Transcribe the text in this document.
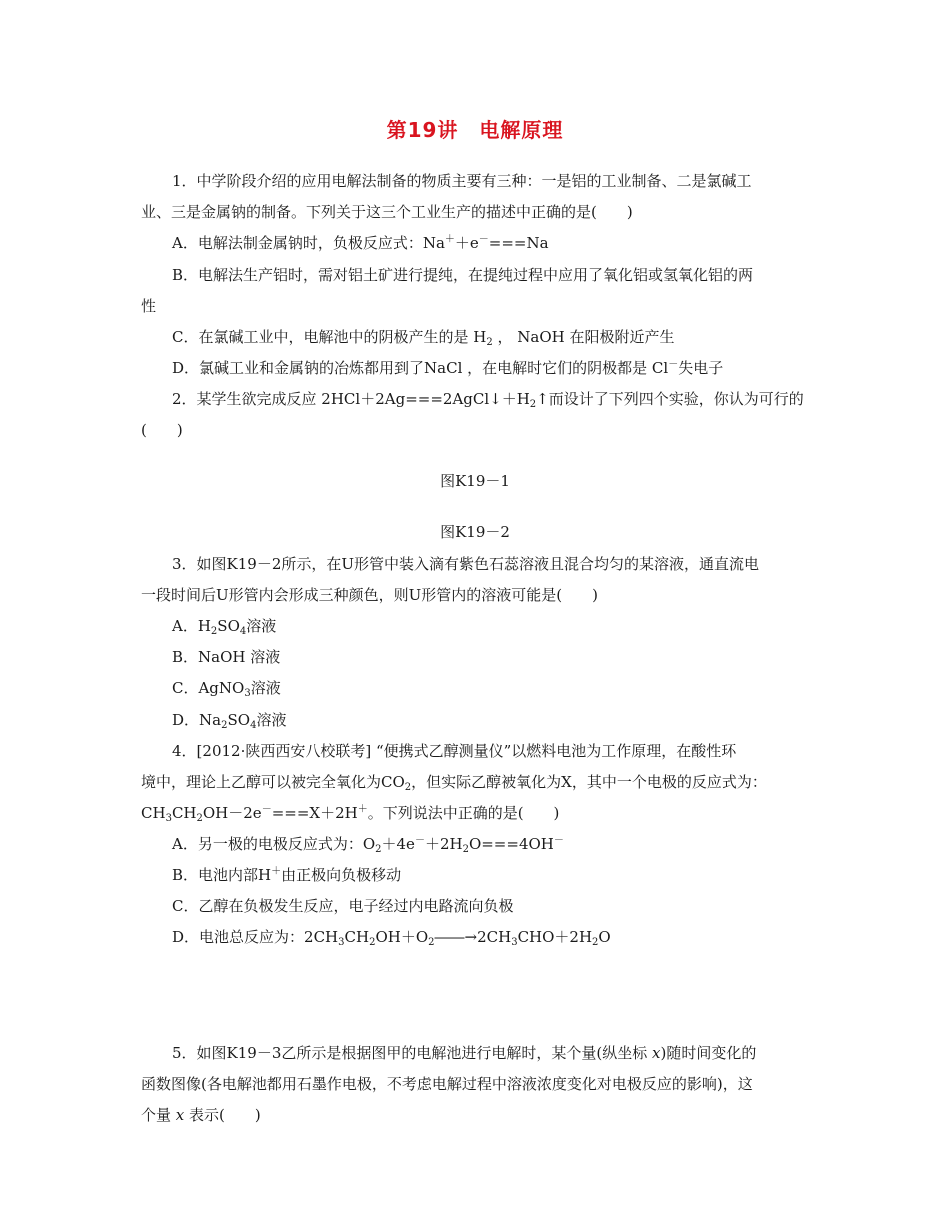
第19讲　电解原理
1．中学阶段介绍的应用电解法制备的物质主要有三种：一是铝的工业制备、二是氯碱工
业、三是金属钠的制备。下列关于这三个工业生产的描述中正确的是(　　)
A．电解法制金属钠时，负极反应式：Na＋＋e－===Na
B．电解法生产铝时，需对铝土矿进行提纯，在提纯过程中应用了氧化铝或氢氧化铝的两
性
C．在氯碱工业中，电解池中的阴极产生的是 $H_2$ ， NaOH 在阳极附近产生
D．氯碱工业和金属钠的冶炼都用到了NaCl ，在电解时它们的阴极都是 Cl－失电子
2．某学生欲完成反应 $2HCl+2Ag===2AgCl↓+H_2↑$而设计了下列四个实验，你认为可行的
(　　)
图K19－1
图K19－2
3．如图K19－2所示，在U形管中装入滴有紫色石蕊溶液且混合均匀的某溶液，通直流电
一段时间后U形管内会形成三种颜色，则U形管内的溶液可能是(　　)
A．$H_2SO_4$溶液
B．NaOH 溶液
C．AgNO$_3$溶液
D．$Na_2SO_4$溶液
4．[2012·陕西西安八校联考] “便携式乙醇测量仪”以燃料电池为工作原理，在酸性环
境中，理论上乙醇可以被完全氧化为$CO_2$，但实际乙醇被氧化为X，其中一个电极的反应式为：
$CH_3CH_2OH-2e^-===X+2H^+$。下列说法中正确的是(　　)
A．另一极的电极反应式为：$O_2+4e^-+2H_2O===4OH^-$
B．电池内部H＋由正极向负极移动
C．乙醇在负极发生反应，电子经过内电路流向负极
D．电池总反应为：$2CH_3CH_2OH+O_2――\to 2CH_3CHO+2H_2O$
5．如图K19－3乙所示是根据图甲的电解池进行电解时，某个量(纵坐标 x)随时间变化的
函数图像(各电解池都用石墨作电极，不考虑电解过程中溶液浓度变化对电极反应的影响)，这
个量 x 表示(　　)
